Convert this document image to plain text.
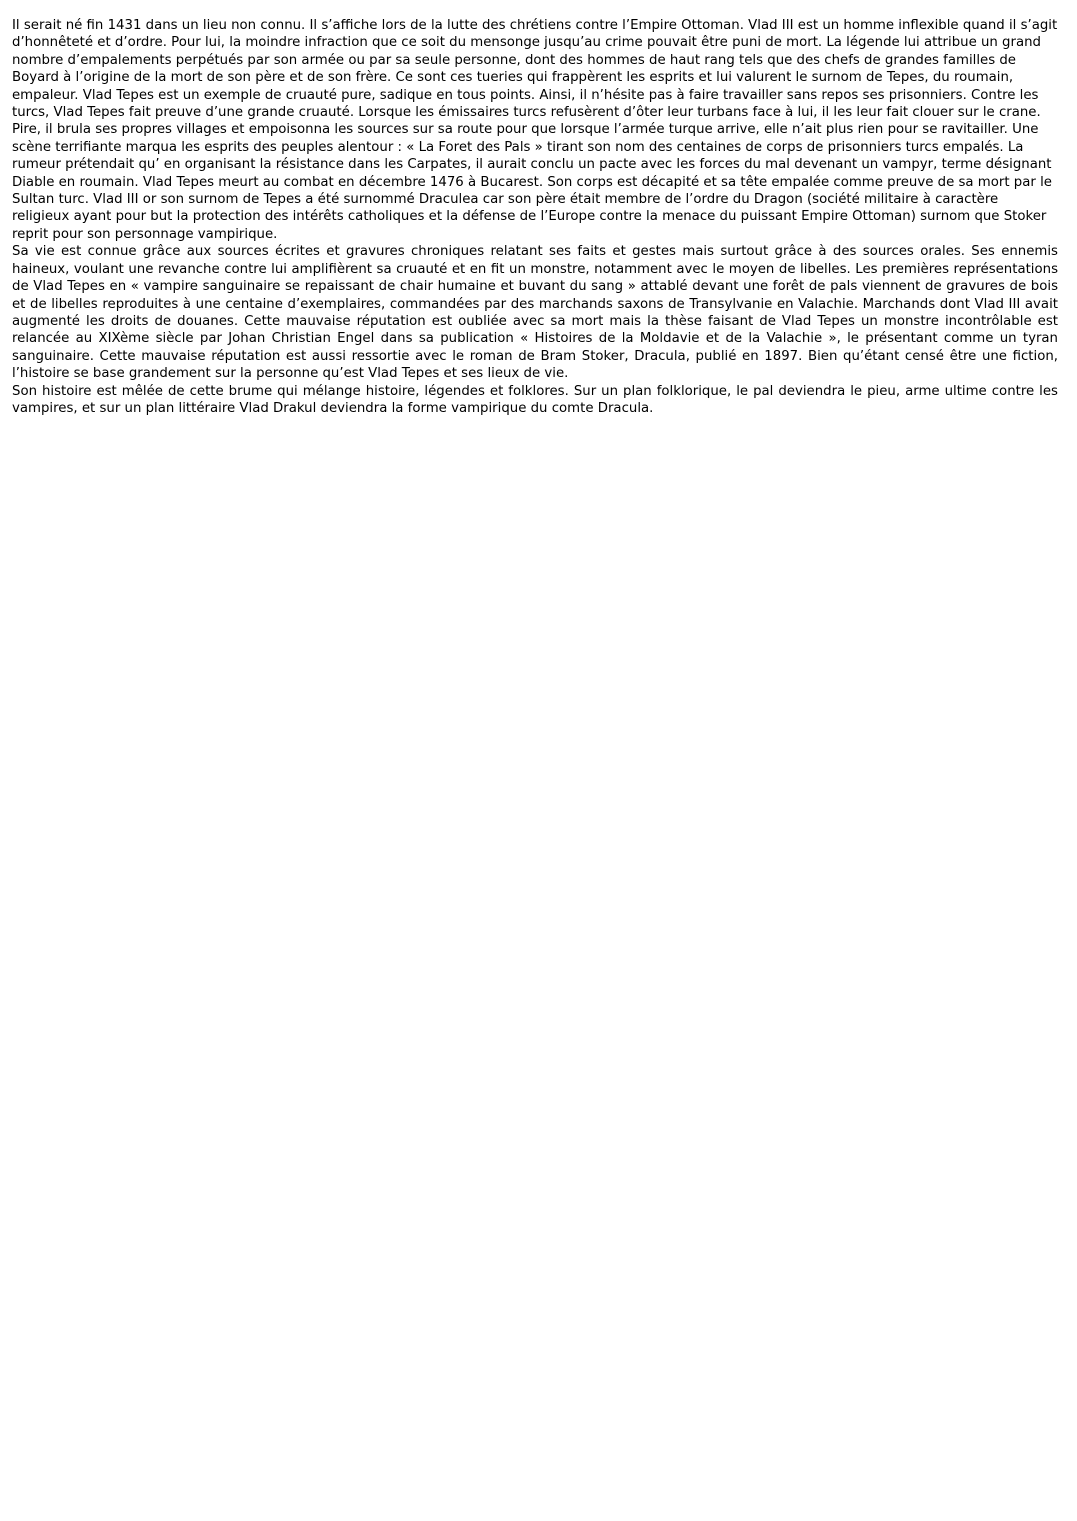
Il serait né fin 1431 dans un lieu non connu. Il s’affiche lors de la lutte des chrétiens contre l’Empire Ottoman. Vlad III est un homme inflexible quand il s’agit d’honnêteté et d’ordre. Pour lui, la moindre infraction que ce soit du mensonge jusqu’au crime pouvait être puni de mort. La légende lui attribue un grand nombre d’empalements perpétués par son armée ou par sa seule personne, dont des hommes de haut rang tels que des chefs de grandes familles de Boyard à l’origine de la mort de son père et de son frère. Ce sont ces tueries qui frappèrent les esprits et lui valurent le surnom de Tepes, du roumain, empaleur. Vlad Tepes est un exemple de cruauté pure, sadique en tous points. Ainsi, il n’hésite pas à faire travailler sans repos ses prisonniers. Contre les turcs, Vlad Tepes fait preuve d’une grande cruauté. Lorsque les émissaires turcs refusèrent d’ôter leur turbans face à lui, il les leur fait clouer sur le crane. Pire, il brula ses propres villages et empoisonna les sources sur sa route pour que lorsque l’armée turque arrive, elle n’ait plus rien pour se ravitailler. Une scène terrifiante marqua les esprits des peuples alentour : « La Foret des Pals » tirant son nom des centaines de corps de prisonniers turcs empalés. La rumeur prétendait qu’ en organisant la résistance dans les Carpates, il aurait conclu un pacte avec les forces du mal devenant un vampyr, terme désignant Diable en roumain. Vlad Tepes meurt au combat en décembre 1476 à Bucarest. Son corps est décapité et sa tête empalée comme preuve de sa mort par le Sultan turc. Vlad III or son surnom de Tepes a été surnommé Draculea car son père était membre de l’ordre du Dragon (société militaire à caractère religieux ayant pour but la protection des intérêts catholiques et la défense de l’Europe contre la menace du puissant Empire Ottoman) surnom que Stoker reprit pour son personnage vampirique.

Sa vie est connue grâce aux sources écrites et gravures chroniques relatant ses faits et gestes mais surtout grâce à des sources orales. Ses ennemis haineux, voulant une revanche contre lui amplifièrent sa cruauté et en fit un monstre, notamment avec le moyen de libelles. Les premières représentations de Vlad Tepes en « vampire sanguinaire se repaissant de chair humaine et buvant du sang » attablé devant une forêt de pals viennent de gravures de bois et de libelles reproduites à une centaine d’exemplaires, commandées par des marchands saxons de Transylvanie en Valachie. Marchands dont Vlad III avait augmenté les droits de douanes. Cette mauvaise réputation est oubliée avec sa mort mais la thèse faisant de Vlad Tepes un monstre incontrôlable est relancée au XIXème siècle par Johan Christian Engel dans sa publication « Histoires de la Moldavie et de la Valachie », le présentant comme un tyran sanguinaire. Cette mauvaise réputation est aussi ressortie avec le roman de Bram Stoker, Dracula, publié en 1897. Bien qu’étant censé être une fiction, l’histoire se base grandement sur la personne qu’est Vlad Tepes et ses lieux de vie.

Son histoire est mêlée de cette brume qui mélange histoire, légendes et folklores. Sur un plan folklorique, le pal deviendra le pieu, arme ultime contre les vampires, et sur un plan littéraire Vlad Drakul deviendra la forme vampirique du comte Dracula.
